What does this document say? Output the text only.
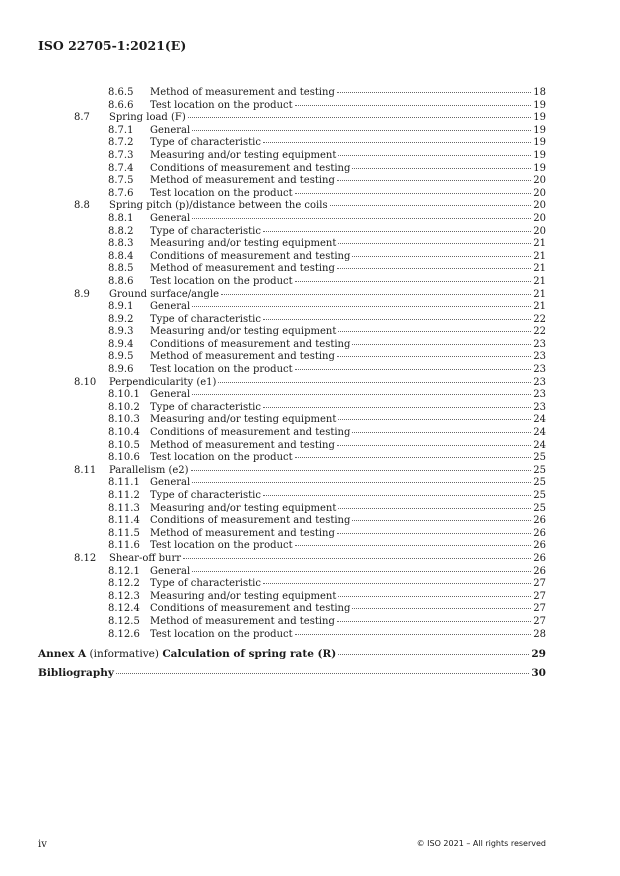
ISO 22705-1:2021(E)
8.6.5 Method of measurement and testing	18
8.6.6 Test location on the product	19
8.7 Spring load (F)	19
8.7.1 General	19
8.7.2 Type of characteristic	19
8.7.3 Measuring and/or testing equipment	19
8.7.4 Conditions of measurement and testing	19
8.7.5 Method of measurement and testing	20
8.7.6 Test location on the product	20
8.8 Spring pitch (p)/distance between the coils	20
8.8.1 General	20
8.8.2 Type of characteristic	20
8.8.3 Measuring and/or testing equipment	21
8.8.4 Conditions of measurement and testing	21
8.8.5 Method of measurement and testing	21
8.8.6 Test location on the product	21
8.9 Ground surface/angle	21
8.9.1 General	21
8.9.2 Type of characteristic	22
8.9.3 Measuring and/or testing equipment	22
8.9.4 Conditions of measurement and testing	23
8.9.5 Method of measurement and testing	23
8.9.6 Test location on the product	23
8.10 Perpendicularity (e1)	23
8.10.1 General	23
8.10.2 Type of characteristic	23
8.10.3 Measuring and/or testing equipment	24
8.10.4 Conditions of measurement and testing	24
8.10.5 Method of measurement and testing	24
8.10.6 Test location on the product	25
8.11 Parallelism (e2)	25
8.11.1 General	25
8.11.2 Type of characteristic	25
8.11.3 Measuring and/or testing equipment	25
8.11.4 Conditions of measurement and testing	26
8.11.5 Method of measurement and testing	26
8.11.6 Test location on the product	26
8.12 Shear-off burr	26
8.12.1 General	26
8.12.2 Type of characteristic	27
8.12.3 Measuring and/or testing equipment	27
8.12.4 Conditions of measurement and testing	27
8.12.5 Method of measurement and testing	27
8.12.6 Test location on the product	28
Annex A (informative) Calculation of spring rate (R)	29
Bibliography	30
iv	© ISO 2021 – All rights reserved
